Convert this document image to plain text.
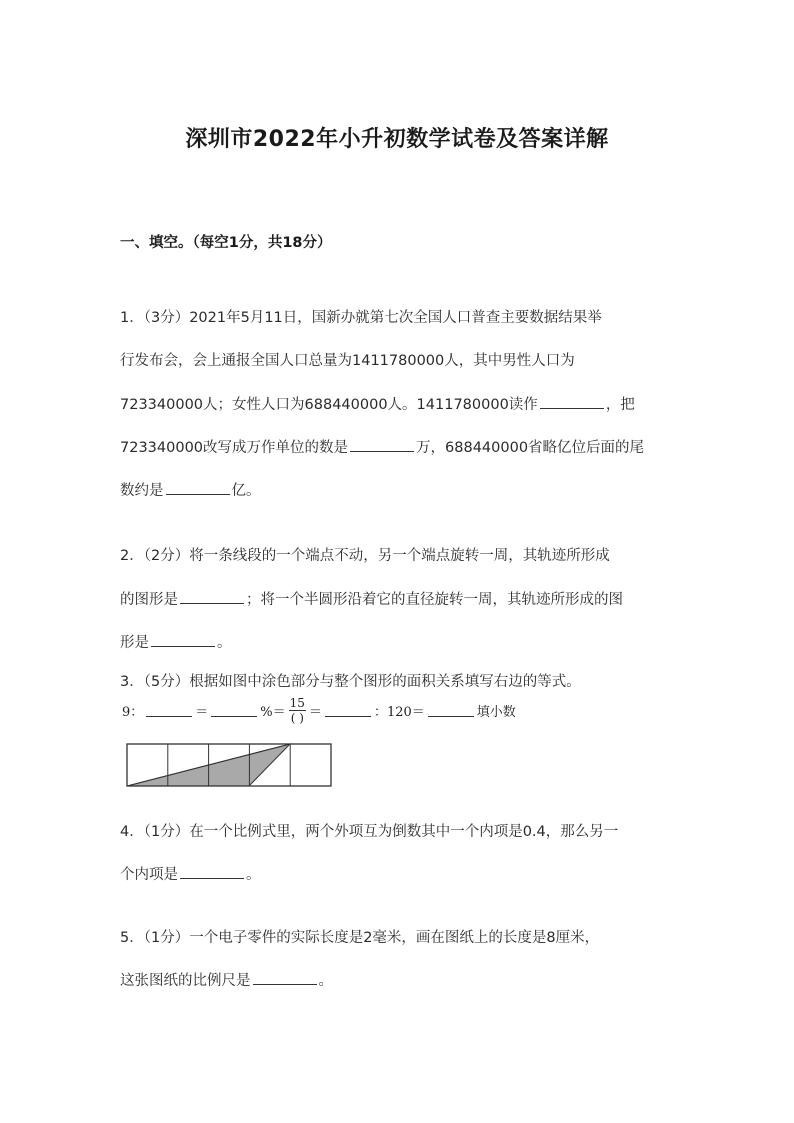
深圳市2022年小升初数学试卷及答案详解
一、填空。（每空1分，共18分）
1．（3分）2021年5月11日，国新办就第七次全国人口普查主要数据结果举
行发布会，会上通报全国人口总量为1411780000人，其中男性人口为
723340000人；女性人口为688440000人。1411780000读作	，把
723340000改写成万作单位的数是	万，688440000省略亿位后面的尾
数约是	亿。
2．（2分）将一条线段的一个端点不动，另一个端点旋转一周，其轨迹所形成
的图形是	；将一个半圆形沿着它的直径旋转一周，其轨迹所形成的图
形是	。
3．（5分）根据如图中涂色部分与整个图形的面积关系填写右边的等式。
9：	＝	%＝ $\frac{15}{( )}$ ＝	：120＝	填小数
4．（1分）在一个比例式里，两个外项互为倒数其中一个内项是0.4，那么另一
个内项是	。
5．（1分）一个电子零件的实际长度是2毫米，画在图纸上的长度是8厘米，
这张图纸的比例尺是	。
